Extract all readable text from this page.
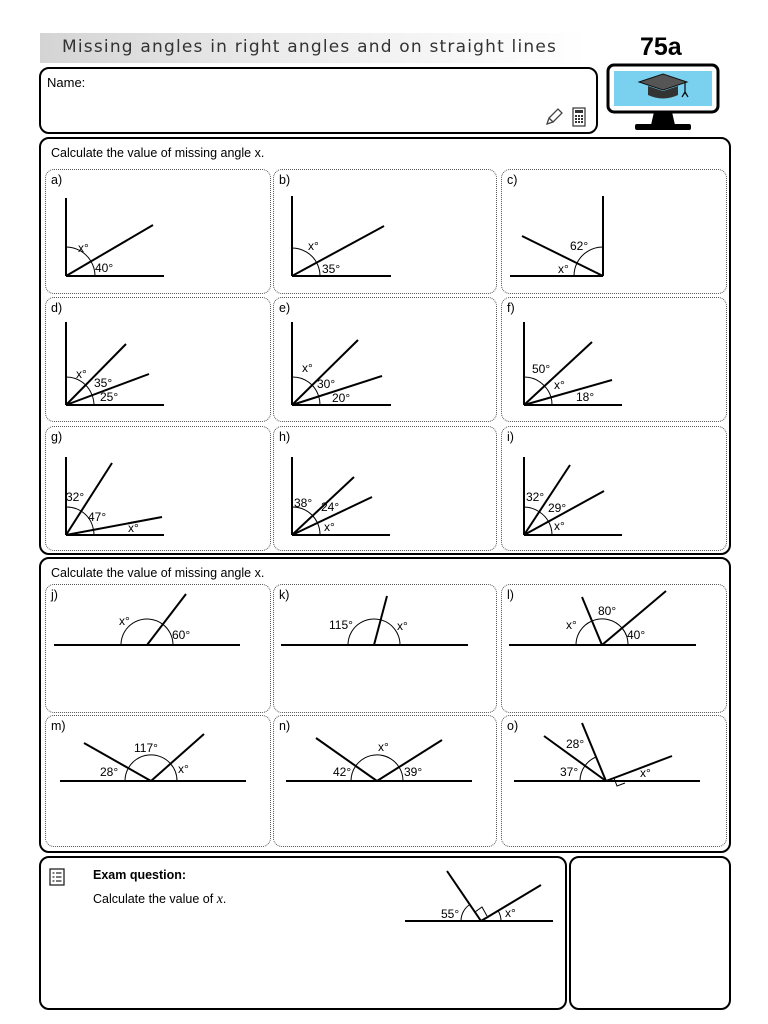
Missing angles in right angles and on straight lines	75a
Name:
Calculate the value of missing angle x.
a)
x°
40°
b)
x°
35°
c)
62°
x°
d)
x°
35°
25°
e)
x°
30°
20°
f)
50°
x°
18°
g)
32°
47°
x°
h)
38° 24°
x°
i)
32°
29°
x°
Calculate the value of missing angle x.
j)
x°
60°
k)
115°	x°
l)
x°
80°
40°
m)
117°
28°	x°
n)
x°
42°	39°
o)
28°
37°	x°
Exam question:
Calculate the value of x.
55°	x°
